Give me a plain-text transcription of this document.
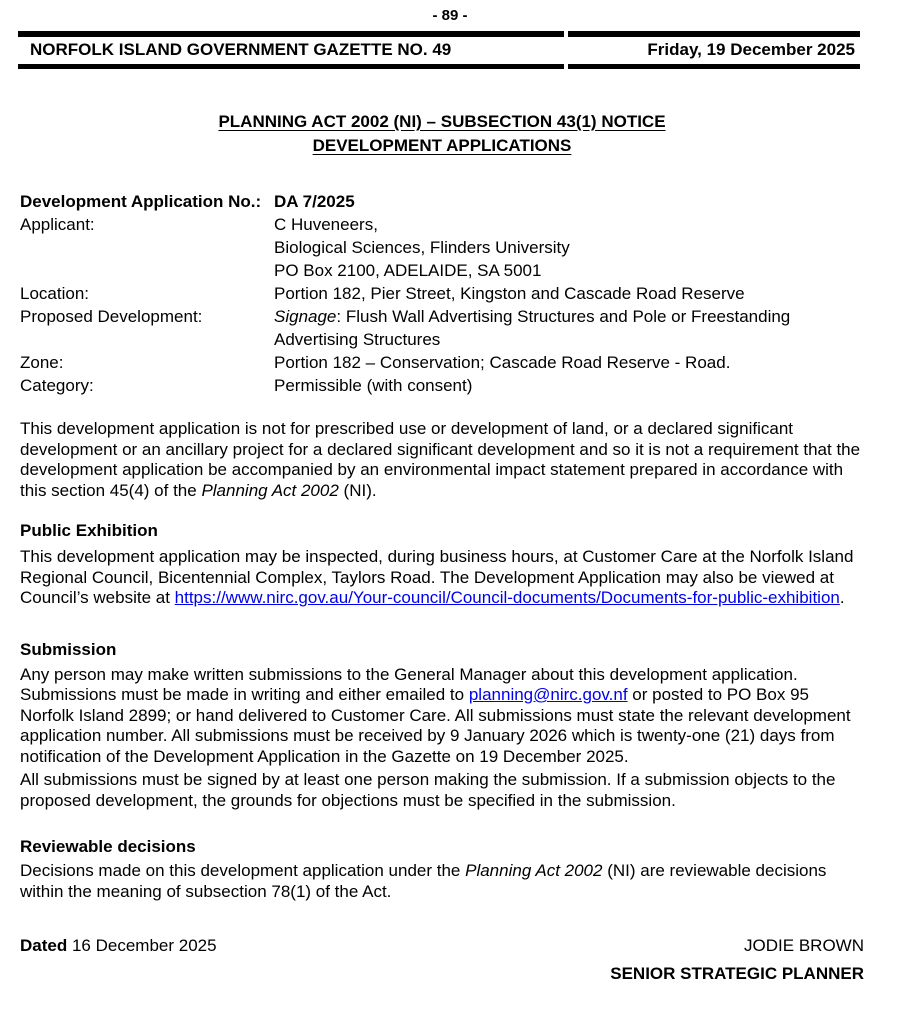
- 89 -
NORFOLK ISLAND GOVERNMENT GAZETTE NO. 49	Friday, 19 December 2025
PLANNING ACT 2002 (NI) – SUBSECTION 43(1) NOTICE
DEVELOPMENT APPLICATIONS
Development Application No.: DA 7/2025
Applicant:	C Huveneers,
Biological Sciences, Flinders University
PO Box 2100, ADELAIDE, SA 5001
Location:	Portion 182, Pier Street, Kingston and Cascade Road Reserve
Proposed Development:	Signage: Flush Wall Advertising Structures and Pole or Freestanding Advertising Structures
Zone:	Portion 182 – Conservation; Cascade Road Reserve - Road.
Category:	Permissible (with consent)
This development application is not for prescribed use or development of land, or a declared significant development or an ancillary project for a declared significant development and so it is not a requirement that the development application be accompanied by an environmental impact statement prepared in accordance with this section 45(4) of the Planning Act 2002 (NI).
Public Exhibition
This development application may be inspected, during business hours, at Customer Care at the Norfolk Island Regional Council, Bicentennial Complex, Taylors Road. The Development Application may also be viewed at Council’s website at https://www.nirc.gov.au/Your-council/Council-documents/Documents-for-public-exhibition.
Submission
Any person may make written submissions to the General Manager about this development application. Submissions must be made in writing and either emailed to planning@nirc.gov.nf or posted to PO Box 95 Norfolk Island 2899; or hand delivered to Customer Care. All submissions must state the relevant development application number. All submissions must be received by 9 January 2026 which is twenty-one (21) days from notification of the Development Application in the Gazette on 19 December 2025.
All submissions must be signed by at least one person making the submission. If a submission objects to the proposed development, the grounds for objections must be specified in the submission.
Reviewable decisions
Decisions made on this development application under the Planning Act 2002 (NI) are reviewable decisions within the meaning of subsection 78(1) of the Act.
Dated 16 December 2025	JODIE BROWN
SENIOR STRATEGIC PLANNER
